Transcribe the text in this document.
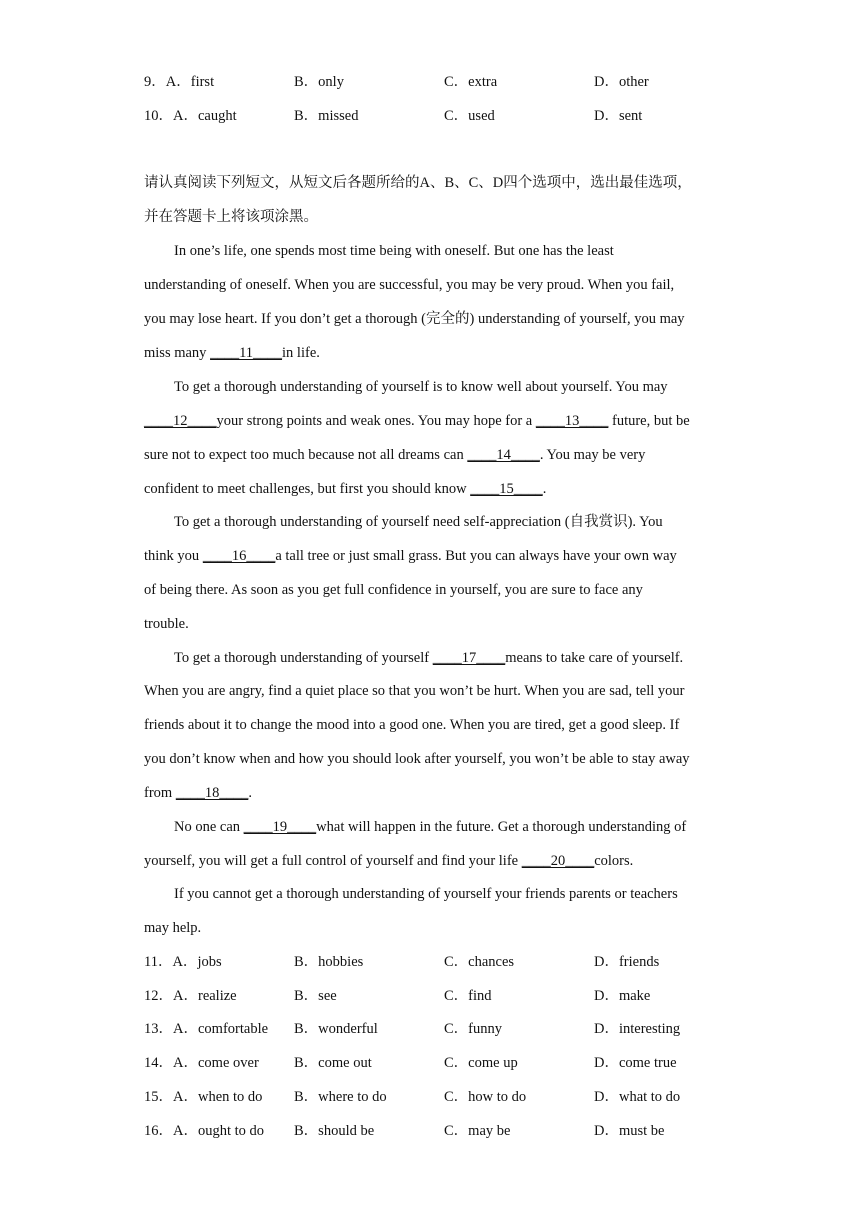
9．A．first	B．only	C．extra	D．other
10．A．caught	B．missed	C．used	D．sent
请认真阅读下列短文，从短文后各题所给的A、B、C、D四个选项中，选出最佳选项，
并在答题卡上将该项涂黑。
In one’s life, one spends most time being with oneself. But one has the least
understanding of oneself. When you are successful, you may be very proud. When you fail,
you may lose heart. If you don’t get a thorough (完全的) understanding of yourself, you may
miss many ____11____in life.
To get a thorough understanding of yourself is to know well about yourself. You may
____12____your strong points and weak ones. You may hope for a ____13____ future, but be
sure not to expect too much because not all dreams can ____14____. You may be very
confident to meet challenges, but first you should know ____15____.
To get a thorough understanding of yourself need self-appreciation (自我赏识). You
think you ____16____a tall tree or just small grass. But you can always have your own way
of being there. As soon as you get full confidence in yourself, you are sure to face any
trouble.
To get a thorough understanding of yourself ____17____means to take care of yourself.
When you are angry, find a quiet place so that you won’t be hurt. When you are sad, tell your
friends about it to change the mood into a good one. When you are tired, get a good sleep. If
you don’t know when and how you should look after yourself, you won’t be able to stay away
from ____18____.
No one can ____19____what will happen in the future. Get a thorough understanding of
yourself, you will get a full control of yourself and find your life ____20____colors.
If you cannot get a thorough understanding of yourself your friends parents or teachers
may help.
11．A．jobs	B．hobbies	C．chances	D．friends
12．A．realize	B．see	C．find	D．make
13．A．comfortable B．wonderful	C．funny	D．interesting
14．A．come over B．come out	C．come up	D．come true
15．A．when to do B．where to do	C．how to do	D．what to do
16．A．ought to do B．should be	C．may be	D．must be
